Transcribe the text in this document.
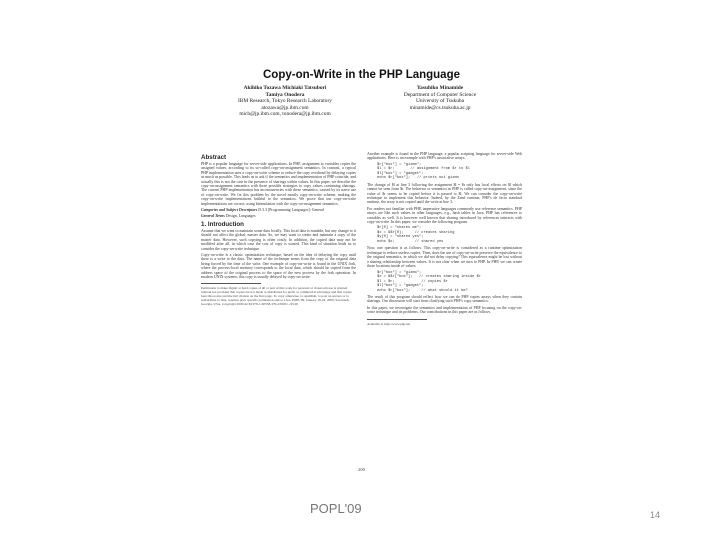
Copy-on-Write in the PHP Language
Akihiko Tozawa Michiaki Tatsubori
Tamiya Onodera
IBM Research, Tokyo Research Laboratory
atozawa@jp.ibm.com
mich@jp.ibm.com, tonodera@jp.ibm.com
Yasuhiko Minamide
Department of Computer Science
University of Tsukuba
minamide@cs.tsukuba.ac.jp
Abstract
PHP is a popular language for server-side applications. In PHP, assignment to variables copies the assigned values, according to its so-called copy-on-assignment semantics. In contrast, a typical PHP implementation uses a copy-on-write scheme to reduce the copy overhead by delaying copies as much as possible. This leads us to ask if the semantics and implementation of PHP coincide, and actually this is not the case in the presence of sharings within values. In this paper, we describe the copy-on-assignment semantics with three possible strategies to copy values containing sharings. The current PHP implementation has inconsistencies with these semantics, caused by its naive use of copy-on-write. We fix this problem by the novel mostly copy-on-write scheme, making the copy-on-write implementations faithful to the semantics. We prove that our copy-on-write implementations are correct, using bisimulation with the copy-on-assignment semantics.
Categories and Subject Descriptors D.3.3 [Programming Languages]: General
General Terms Design, Languages
1. Introduction
Assume that we want to maintain some data locally. This local data is mutable, but any change to it should not affect the global, master data. So, we may want to create and maintain a copy of the master data. However, such copying is often costly. In addition, the copied data may not be modified after all, in which case the cost of copy is wasted. This kind of situation leads us to consider the copy-on-write technique.
Copy-on-write is a classic optimization technique, based on the idea of delaying the copy until there is a write to the data. The name of the technique stems from the copy of the original data being forced by the time of the write. One example of copy-on-write is found in the UNIX fork, where the process-local memory corresponds to the local data, which should be copied from the address space of the original process to the space of the new process by the fork operation. In modern UNIX systems, this copy is usually delayed by copy-on-write.
Permission to make digital or hard copies of all or part of this work for personal or classroom use is granted without fee provided that copies are not made or distributed for profit or commercial advantage and that copies bear this notice and the full citation on the first page. To copy otherwise, to republish, to post on servers or to redistribute to lists, requires prior specific permission and/or a fee. POPL'09, January 18-24, 2009, Savannah, Georgia, USA. Copyright 2009 ACM 978-1-60558-379-2/09/01...$5.00
Another example is found in the PHP language, a popular scripting language for server-side Web applications. Here is an example with PHP's associative arrays.
$r["box"] = "gizmo";
$l = $r;       // assignment from $r to $l
$l["box"] = "gadget";
echo $r["box"];   // prints out gizmo
The change of $l at line 3 following the assignment $l = $r only has local effects on $l which cannot be seen from $r. The behavior or semantics in PHP is called copy-on-assignment, since the value of $r seems to be copied before it is passed to $l. We can consider the copy-on-write technique to implement this behavior. Indeed, by the Zend runtime, PHP's de facto standard runtime, the array is not copied until the write at line 3.
For readers not familiar with PHP, imperative languages commonly use reference semantics. PHP arrays are like such values in other languages, e.g., hash tables in Java. PHP has references to variables as well. It is however well known that sharing introduced by references interacts with copy-on-write. In this paper, we consider the following program.
$r[0] = "shares me";
$x = &$r[0];     // creates sharing
$y[0] = "shared yes";
echo $x;         // shared yes
Now, one question is as follows. This copy-on-write is considered as a runtime optimization technique to reduce useless copies. Then, does the use of copy-on-write preserve the equivalence to the original semantics, in which we did not delay copying? This equivalence might be lost without a sharing relationship between values. It is not clear when we turn to PHP. In PHP, we can create these locations inside of values.
$r["box"] = "gizmo";
$x = &$r["box"];   // creates sharing inside $r
$l = $r;            // copies $r
$l["box"] = "gadget";
echo $r["box"];     // what should it be?
The result of this program should reflect how we can do PHP copies arrays when they contain sharings. Our discussion will start from clarifying such PHP's copy semantics.
In this paper, we investigate the semantics and implementation of PHP focusing on the copy-on-write technique and its problems. Our contributions in this paper are as follows.
Available at http://www.php.net
200
POPL'09	14
